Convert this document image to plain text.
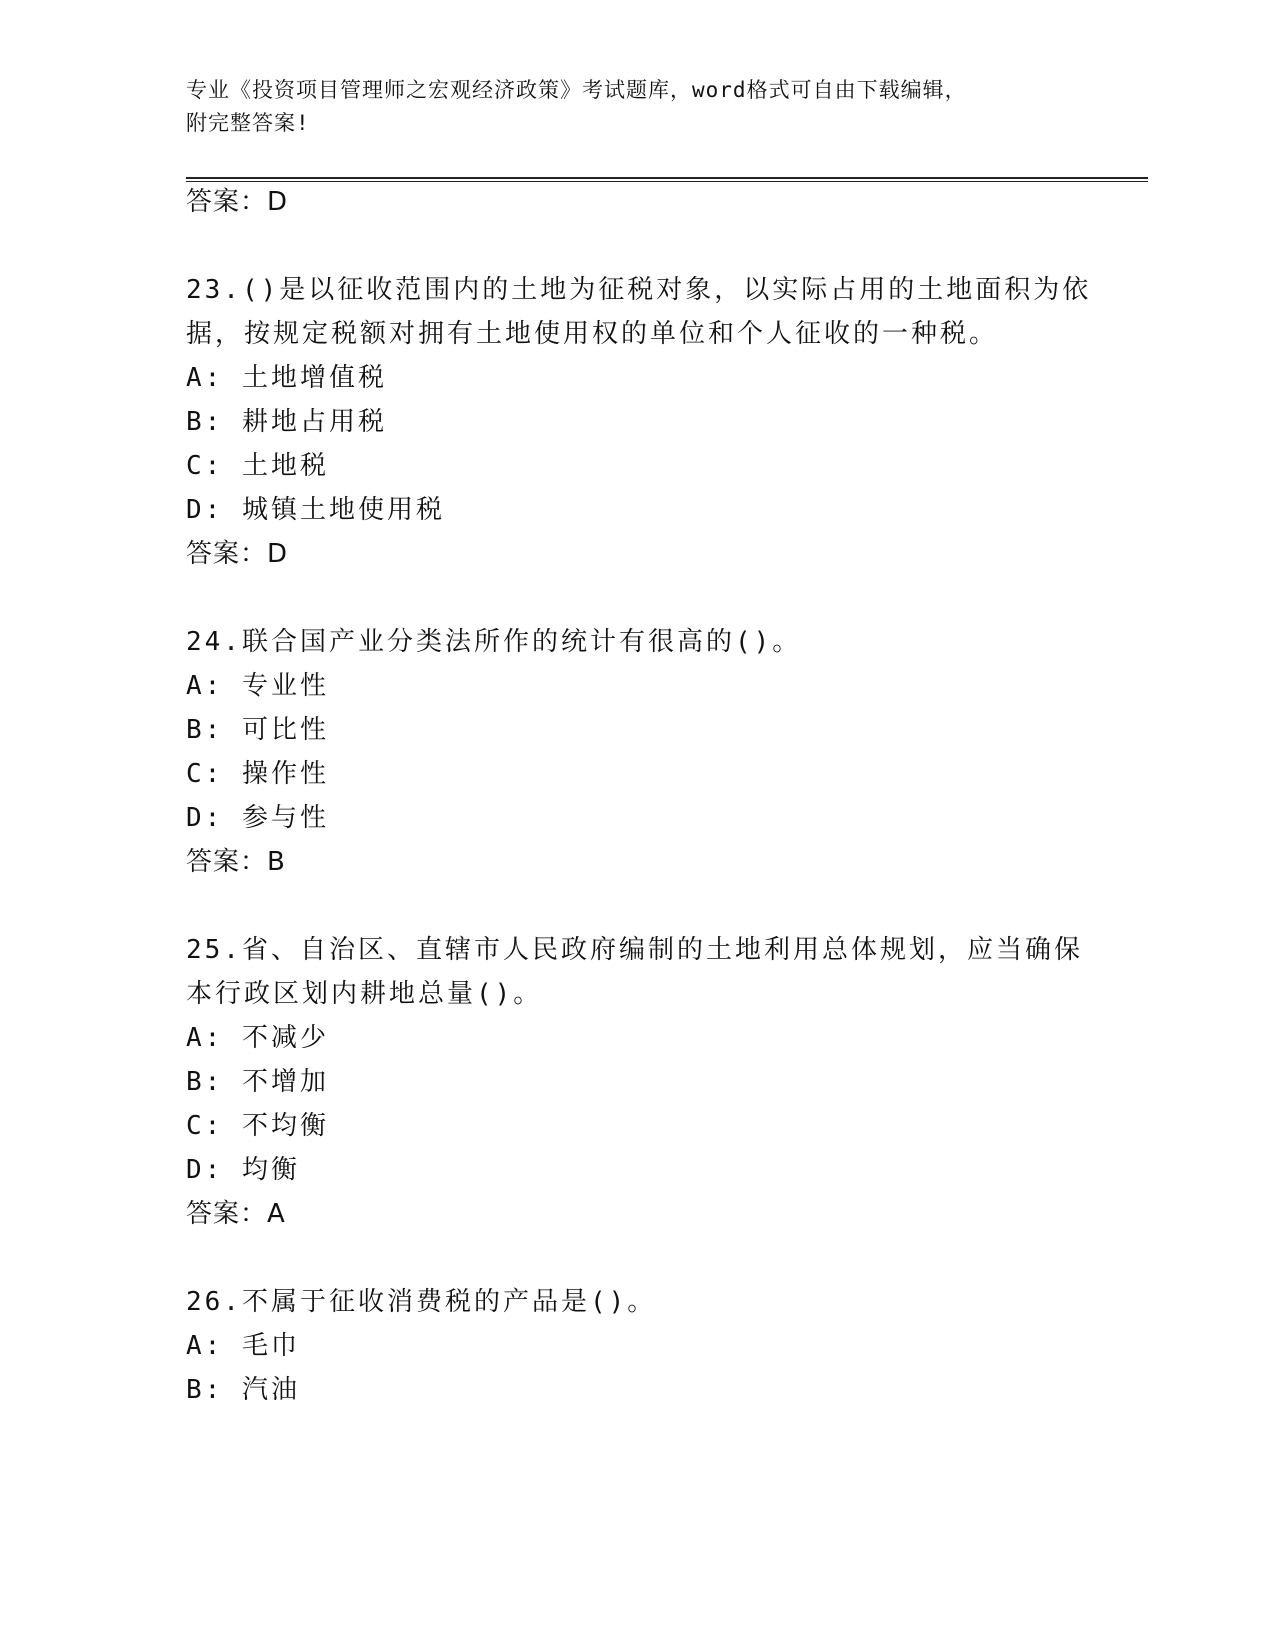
专业《投资项目管理师之宏观经济政策》考试题库，word格式可自由下载编辑，
附完整答案!
答案：D
23.()是以征收范围内的土地为征税对象，以实际占用的土地面积为依
据，按规定税额对拥有土地使用权的单位和个人征收的一种税。
A: 土地增值税
B: 耕地占用税
C: 土地税
D: 城镇土地使用税
答案：D
24.联合国产业分类法所作的统计有很高的()。
A: 专业性
B: 可比性
C: 操作性
D: 参与性
答案：B
25.省、自治区、直辖市人民政府编制的土地利用总体规划，应当确保
本行政区划内耕地总量()。
A: 不减少
B: 不增加
C: 不均衡
D: 均衡
答案：A
26.不属于征收消费税的产品是()。
A: 毛巾
B: 汽油
